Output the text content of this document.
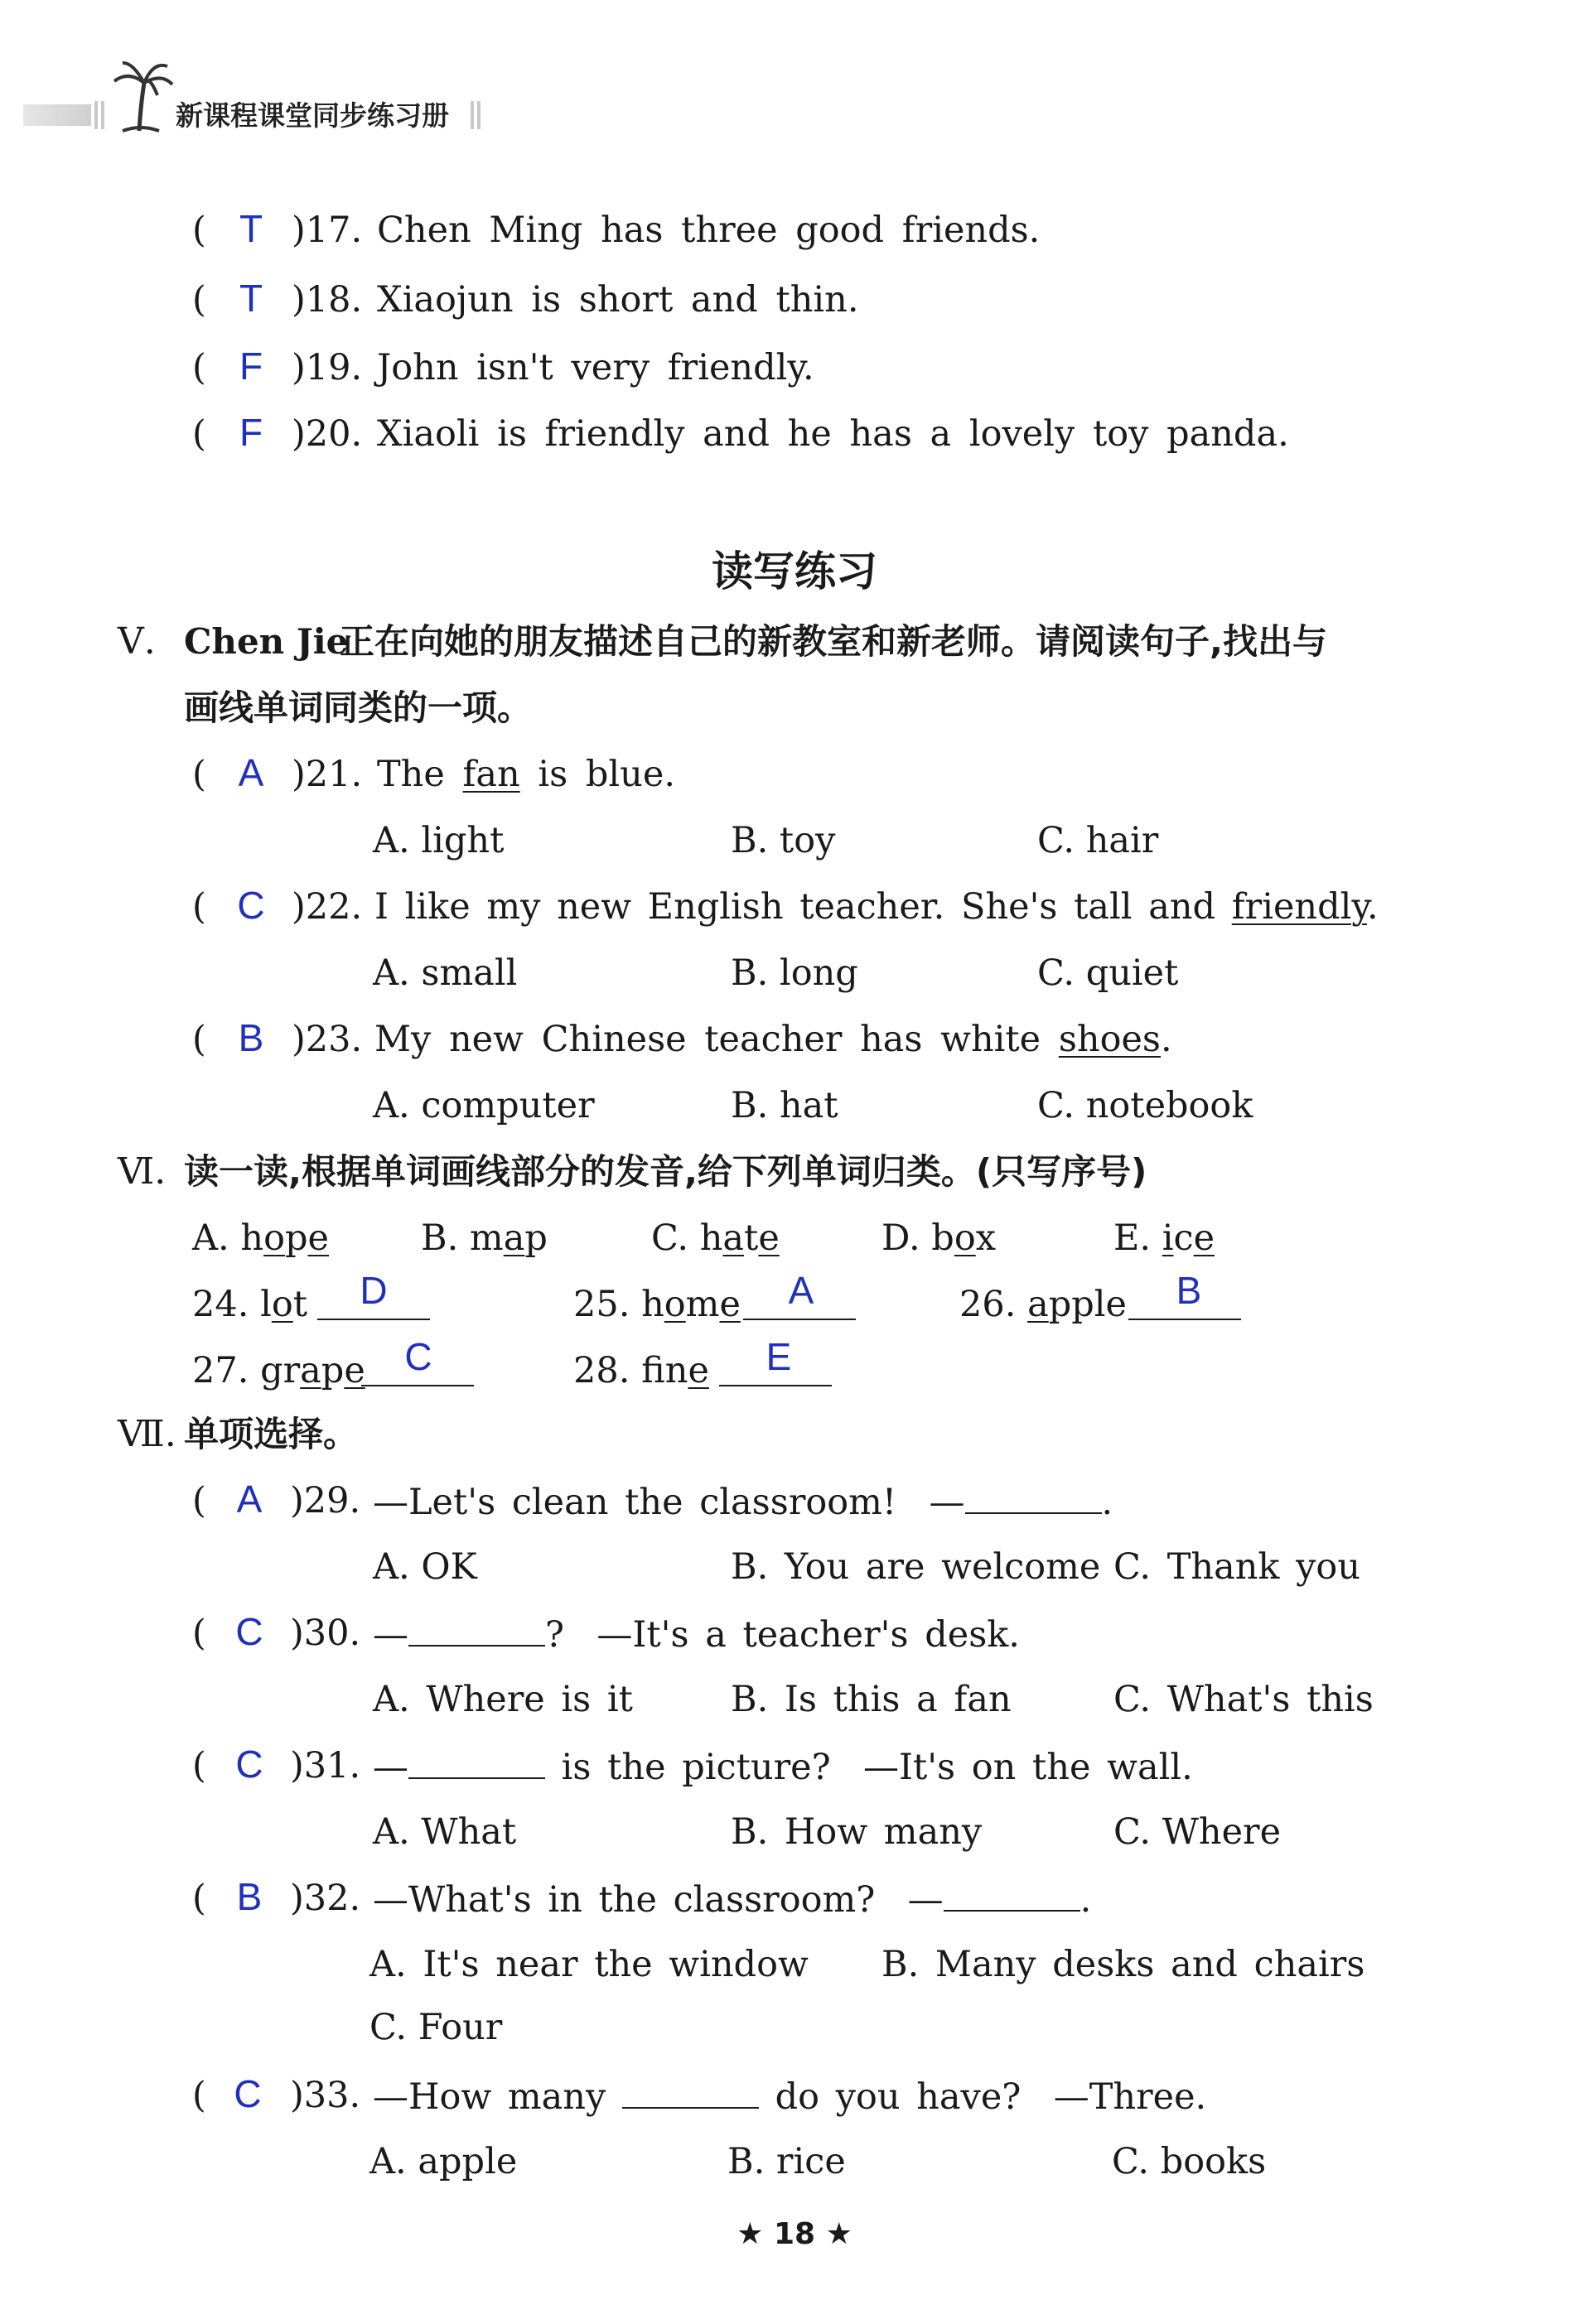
新课程课堂同步练习册
( T )17. Chen Ming has three good friends.
( T )18. Xiaojun is short and thin.
( F )19. John isn't very friendly.
( F )20. Xiaoli is friendly and he has a lovely toy panda.
读写练习
Ⅴ. Chen Jie
正在向她的朋友描述自己的新教室和新老师。请阅读句子,找出与
画线单词同类的一项。
( A )21. The fan is blue.
A. light	B. toy	C. hair
( C )22. I like my new English teacher. She's tall and friendly.
A. small	B. long	C. quiet
( B )23. My new Chinese teacher has white shoes.
A. computer	B. hat	C. notebook
Ⅵ. 读一读,根据单词画线部分的发音,给下列单词归类。(只写序号)
A. hope	B. map	C. hate	D. box	E. ice
24. lot	D	25. home	A	26. apple	B
27. grape	C	28. fne	E
Ⅶ. 单项选择。
( A )29. —Let's clean the classroom!  —	.
A. OK	B. You are welcome C. Thank you
( C )30. —	?  —It's a teacher's desk.
A. Where is it	B. Is this a fan	C. What's this
( C )31. —	is the picture?  —It's on the wall.
A. What	B. How many	C. Where
( B )32. —What's in the classroom?  —	.
A. It's near the window B. Many desks and chairs
C. Four
( C )33. —How many	do you have?  —Three.
A. apple	B. rice	C. books
★ 18 ★
